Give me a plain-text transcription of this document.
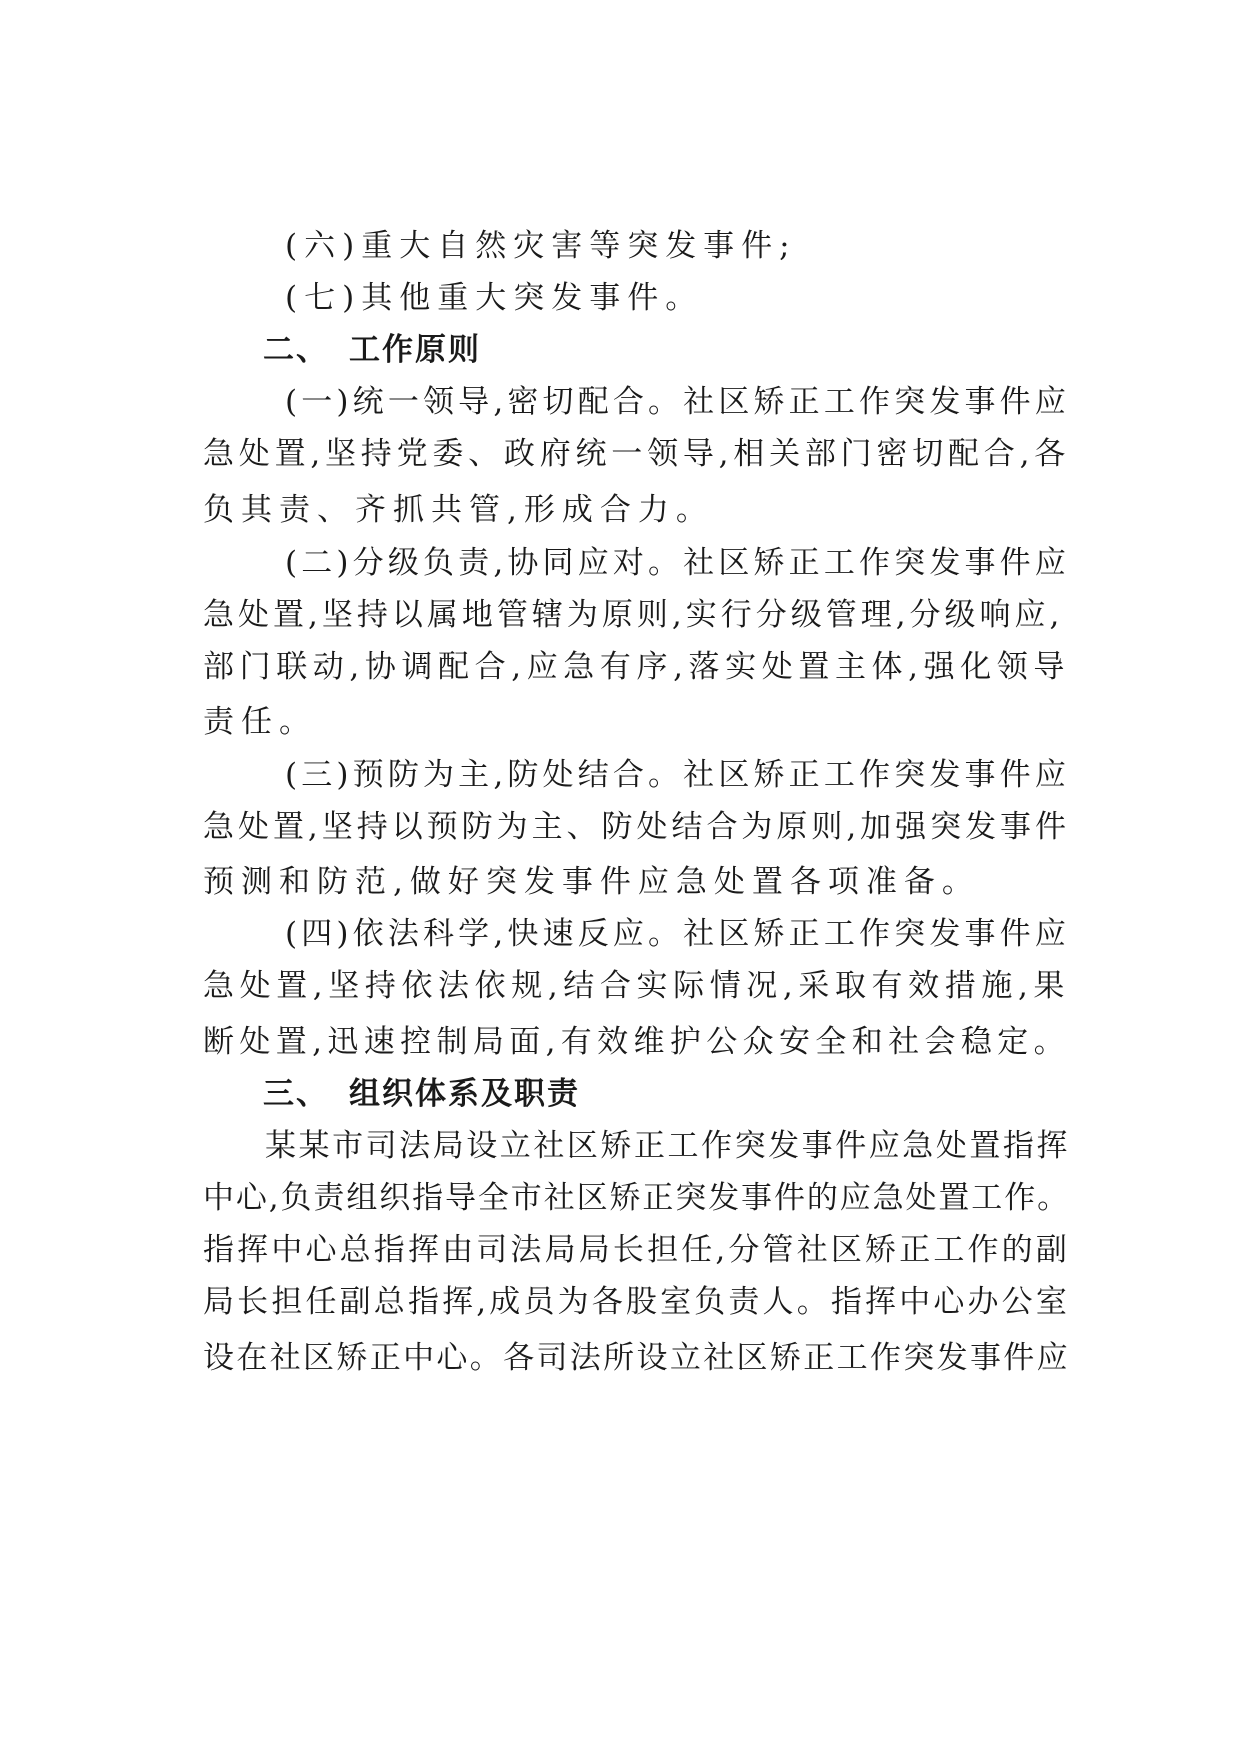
(六)重大自然灾害等突发事件;
(七)其他重大突发事件。
二、 工作原则
(一)统一领导,密切配合。社区矫正工作突发事件应
急处置,坚持党委、政府统一领导,相关部门密切配合,各
负其责、齐抓共管,形成合力。
(二)分级负责,协同应对。社区矫正工作突发事件应
急处置,坚持以属地管辖为原则,实行分级管理,分级响应,
部门联动,协调配合,应急有序,落实处置主体,强化领导
责任。
(三)预防为主,防处结合。社区矫正工作突发事件应
急处置,坚持以预防为主、防处结合为原则,加强突发事件
预测和防范,做好突发事件应急处置各项准备。
(四)依法科学,快速反应。社区矫正工作突发事件应
急处置,坚持依法依规,结合实际情况,采取有效措施,果
断处置,迅速控制局面,有效维护公众安全和社会稳定。
三、 组织体系及职责
某某市司法局设立社区矫正工作突发事件应急处置指挥
中心,负责组织指导全市社区矫正突发事件的应急处置工作。
指挥中心总指挥由司法局局长担任,分管社区矫正工作的副
局长担任副总指挥,成员为各股室负责人。指挥中心办公室
设在社区矫正中心。各司法所设立社区矫正工作突发事件应
